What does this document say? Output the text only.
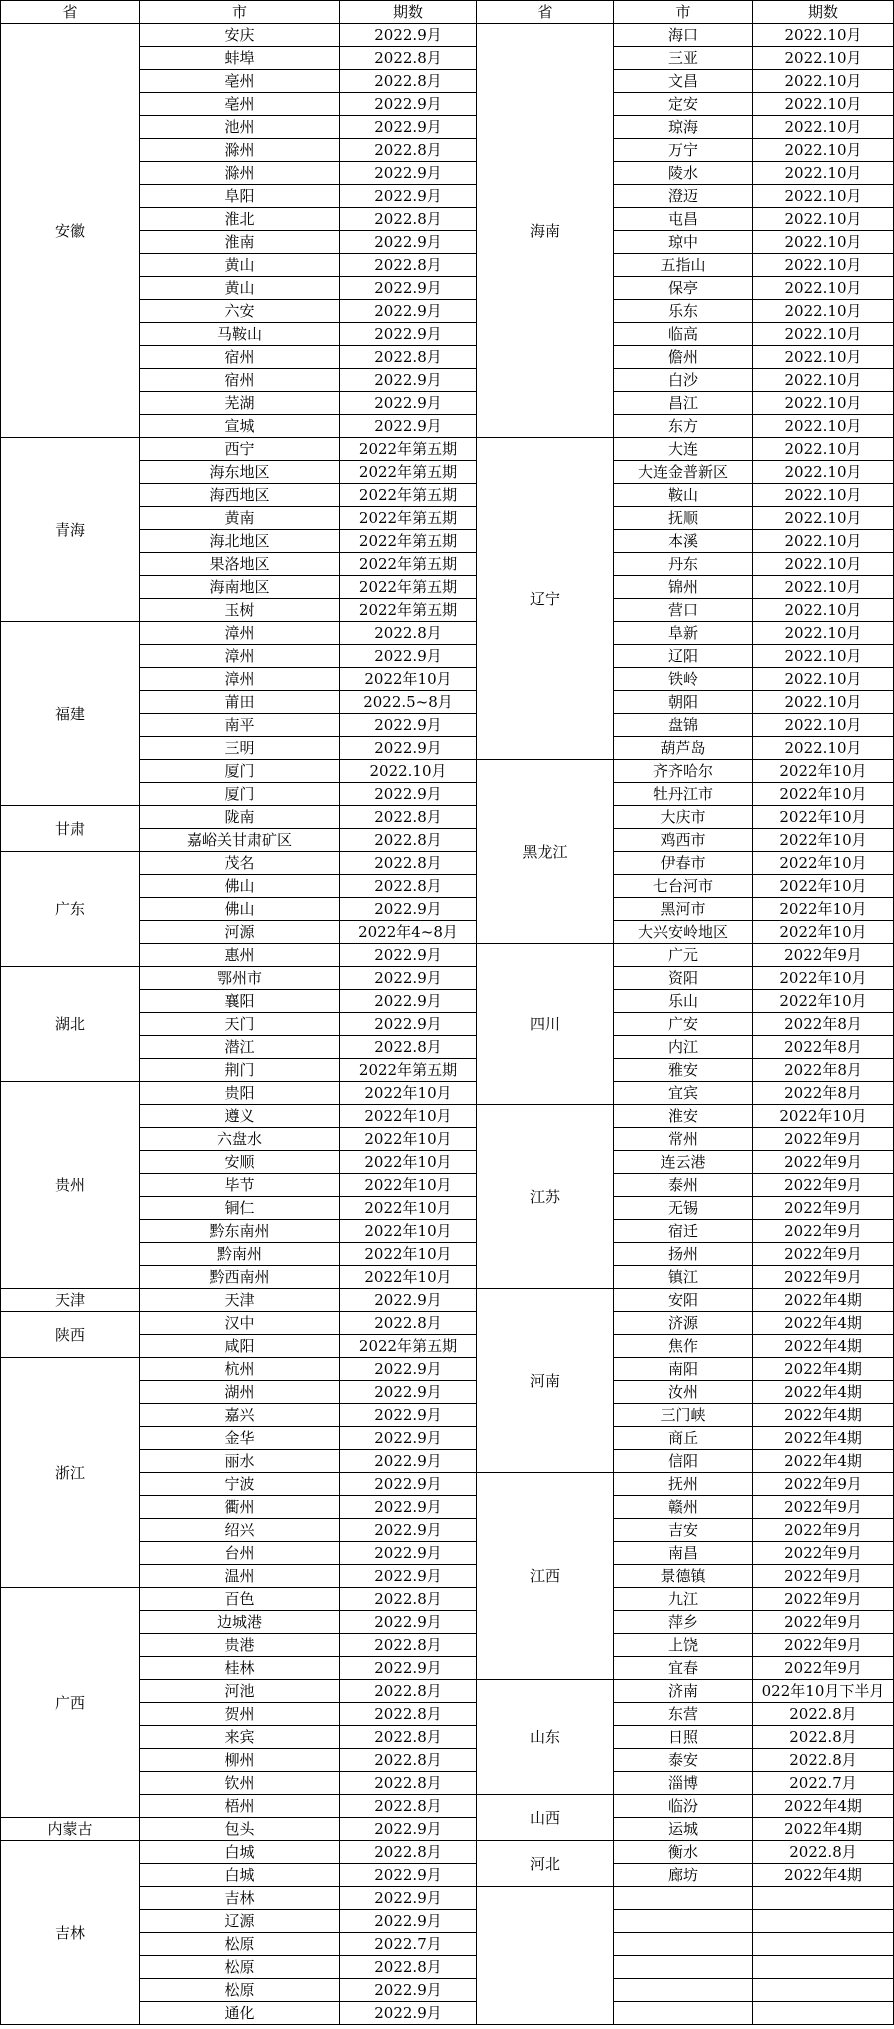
省	市	期数	省	市	期数
安徽	安庆	2022.9月	海南	海口	2022.10月
	蚌埠	2022.8月		三亚	2022.10月
	亳州	2022.8月		文昌	2022.10月
	亳州	2022.9月		定安	2022.10月
	池州	2022.9月		琼海	2022.10月
	滁州	2022.8月		万宁	2022.10月
	滁州	2022.9月		陵水	2022.10月
	阜阳	2022.9月		澄迈	2022.10月
	淮北	2022.8月		屯昌	2022.10月
	淮南	2022.9月		琼中	2022.10月
	黄山	2022.8月		五指山	2022.10月
	黄山	2022.9月		保亭	2022.10月
	六安	2022.9月		乐东	2022.10月
	马鞍山	2022.9月		临高	2022.10月
	宿州	2022.8月		儋州	2022.10月
	宿州	2022.9月		白沙	2022.10月
	芜湖	2022.9月		昌江	2022.10月
	宣城	2022.9月		东方	2022.10月
青海	西宁	2022年第五期	辽宁	大连	2022.10月
	海东地区	2022年第五期		大连金普新区	2022.10月
	海西地区	2022年第五期		鞍山	2022.10月
	黄南	2022年第五期		抚顺	2022.10月
	海北地区	2022年第五期		本溪	2022.10月
	果洛地区	2022年第五期		丹东	2022.10月
	海南地区	2022年第五期		锦州	2022.10月
	玉树	2022年第五期		营口	2022.10月
福建	漳州	2022.8月		阜新	2022.10月
	漳州	2022.9月		辽阳	2022.10月
	漳州	2022年10月		铁岭	2022.10月
	莆田	2022.5~8月		朝阳	2022.10月
	南平	2022.9月		盘锦	2022.10月
	三明	2022.9月		葫芦岛	2022.10月
	厦门	2022.10月	黑龙江	齐齐哈尔	2022年10月
	厦门	2022.9月		牡丹江市	2022年10月
甘肃	陇南	2022.8月		大庆市	2022年10月
	嘉峪关甘肃矿区	2022.8月		鸡西市	2022年10月
广东	茂名	2022.8月		伊春市	2022年10月
	佛山	2022.8月		七台河市	2022年10月
	佛山	2022.9月		黑河市	2022年10月
	河源	2022年4~8月		大兴安岭地区	2022年10月
	惠州	2022.9月	四川	广元	2022年9月
湖北	鄂州市	2022.9月		资阳	2022年10月
	襄阳	2022.9月		乐山	2022年10月
	天门	2022.9月		广安	2022年8月
	潜江	2022.8月		内江	2022年8月
	荆门	2022年第五期		雅安	2022年8月
贵州	贵阳	2022年10月		宜宾	2022年8月
	遵义	2022年10月	江苏	淮安	2022年10月
	六盘水	2022年10月		常州	2022年9月
	安顺	2022年10月		连云港	2022年9月
	毕节	2022年10月		泰州	2022年9月
	铜仁	2022年10月		无锡	2022年9月
	黔东南州	2022年10月		宿迁	2022年9月
	黔南州	2022年10月		扬州	2022年9月
	黔西南州	2022年10月		镇江	2022年9月
天津	天津	2022.9月	河南	安阳	2022年4期
陕西	汉中	2022.8月		济源	2022年4期
	咸阳	2022年第五期		焦作	2022年4期
浙江	杭州	2022.9月		南阳	2022年4期
	湖州	2022.9月		汝州	2022年4期
	嘉兴	2022.9月		三门峡	2022年4期
	金华	2022.9月		商丘	2022年4期
	丽水	2022.9月		信阳	2022年4期
	宁波	2022.9月	江西	抚州	2022年9月
	衢州	2022.9月		赣州	2022年9月
	绍兴	2022.9月		吉安	2022年9月
	台州	2022.9月		南昌	2022年9月
	温州	2022.9月		景德镇	2022年9月
广西	百色	2022.8月		九江	2022年9月
	边城港	2022.9月		萍乡	2022年9月
	贵港	2022.8月		上饶	2022年9月
	桂林	2022.9月		宜春	2022年9月
	河池	2022.8月	山东	济南	022年10月下半月
	贺州	2022.8月		东营	2022.8月
	来宾	2022.8月		日照	2022.8月
	柳州	2022.8月		泰安	2022.8月
	钦州	2022.8月		淄博	2022.7月
	梧州	2022.8月	山西	临汾	2022年4期
内蒙古	包头	2022.9月		运城	2022年4期
吉林	白城	2022.8月	河北	衡水	2022.8月
	白城	2022.9月		廊坊	2022年4期
	吉林	2022.9月			
	辽源	2022.9月			
	松原	2022.7月			
	松原	2022.8月			
	松原	2022.9月			
	通化	2022.9月			
